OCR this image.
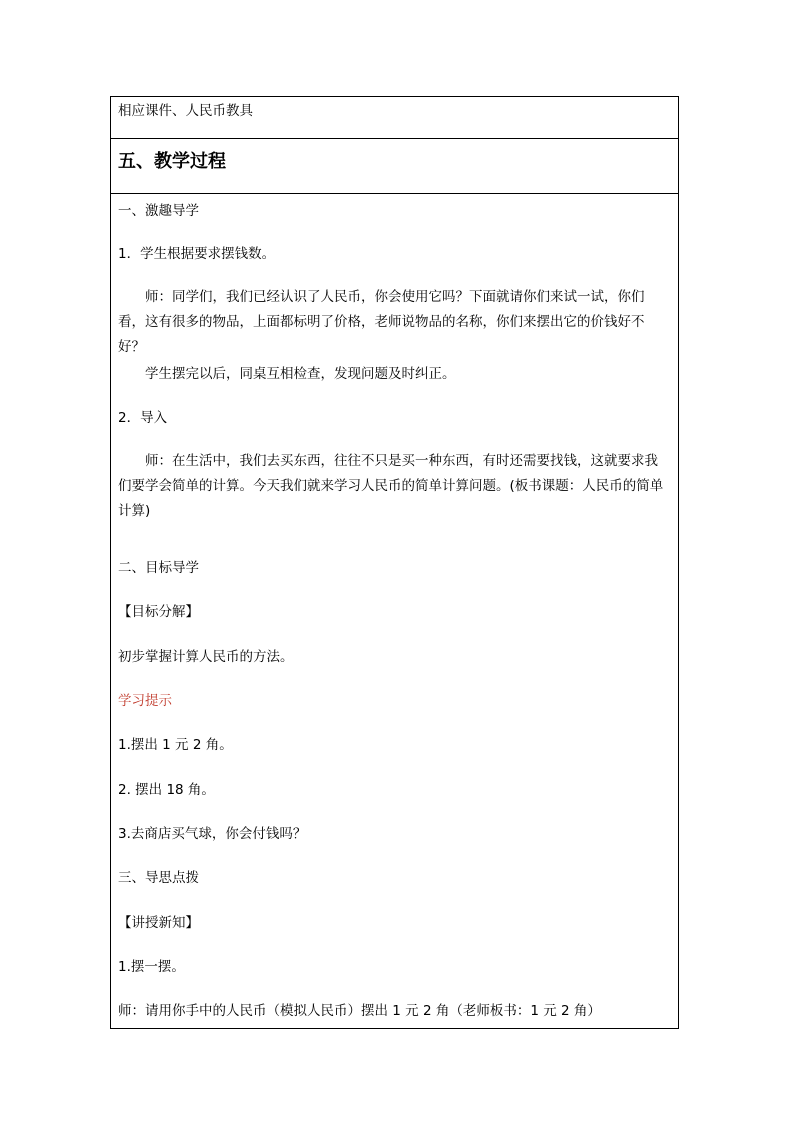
相应课件、人民币教具
五、教学过程
一、激趣导学
1．学生根据要求摆钱数。
师：同学们，我们已经认识了人民币，你会使用它吗？下面就请你们来试一试，你们看，这有很多的物品，上面都标明了价格，老师说物品的名称，你们来摆出它的价钱好不好？
学生摆完以后，同桌互相检查，发现问题及时纠正。
2．导入
师：在生活中，我们去买东西，往往不只是买一种东西，有时还需要找钱，这就要求我们要学会简单的计算。今天我们就来学习人民币的简单计算问题。(板书课题：人民币的简单计算)
二、目标导学
【目标分解】
初步掌握计算人民币的方法。
学习提示
1.摆出 1 元 2 角。
2. 摆出 18 角。
3.去商店买气球，你会付钱吗？
三、导思点拨
【讲授新知】
1.摆一摆。
师：请用你手中的人民币（模拟人民币）摆出 1 元 2 角（老师板书：1 元 2 角）
